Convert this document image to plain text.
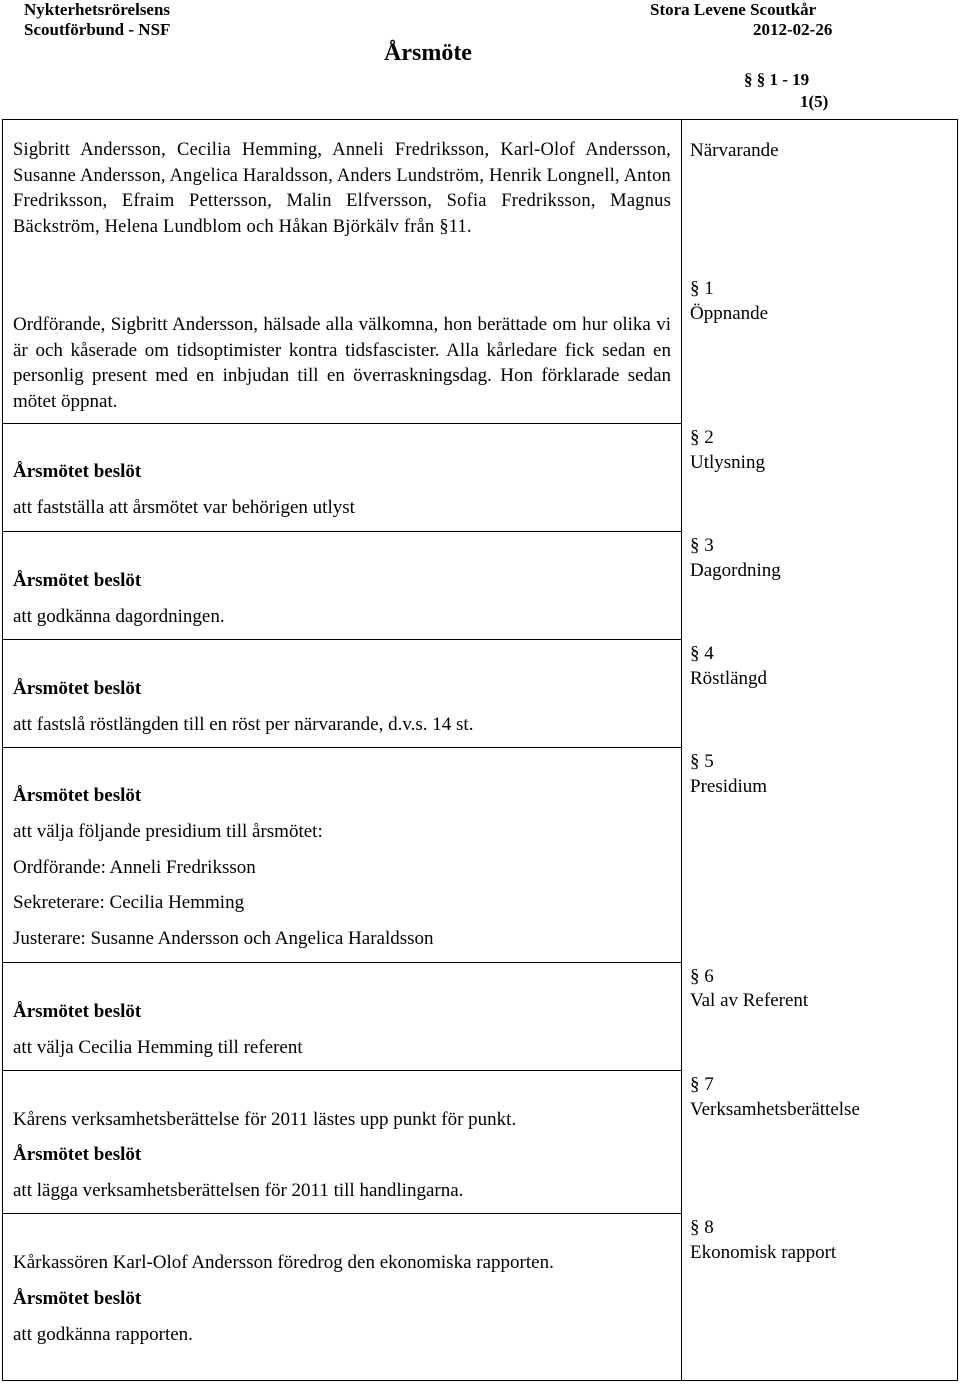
Nykterhetsrörelsens
Scoutförbund - NSF
Stora Levene Scoutkår
2012-02-26
Årsmöte
§ § 1 - 19
1(5)
Sigbritt Andersson, Cecilia Hemming, Anneli Fredriksson, Karl-Olof Andersson, Susanne Andersson, Angelica Haraldsson, Anders Lundström, Henrik Longnell, Anton Fredriksson, Efraim Pettersson, Malin Elfversson, Sofia Fredriksson, Magnus Bäckström, Helena Lundblom och Håkan Björkälv från §11.
Närvarande
§ 1
Öppnande
Ordförande, Sigbritt Andersson, hälsade alla välkomna, hon berättade om hur olika vi är och kåserade om tidsoptimister kontra tidsfascister. Alla kårledare fick sedan en personlig present med en inbjudan till en överraskningsdag. Hon förklarade sedan mötet öppnat.
§ 2
Utlysning
Årsmötet beslöt
att fastställa att årsmötet var behörigen utlyst
§ 3
Dagordning
Årsmötet beslöt
att godkänna dagordningen.
§ 4
Röstlängd
Årsmötet beslöt
att fastslå röstlängden till en röst per närvarande, d.v.s. 14 st.
§ 5
Presidium
Årsmötet beslöt
att välja följande presidium till årsmötet:
Ordförande: Anneli Fredriksson
Sekreterare: Cecilia Hemming
Justerare: Susanne Andersson och Angelica Haraldsson
§ 6
Val av Referent
Årsmötet beslöt
att välja Cecilia Hemming till referent
§ 7
Verksamhetsberättelse
Kårens verksamhetsberättelse för 2011 lästes upp punkt för punkt.
Årsmötet beslöt
att lägga verksamhetsberättelsen för 2011 till handlingarna.
§ 8
Ekonomisk rapport
Kårkassören Karl-Olof Andersson föredrog den ekonomiska rapporten.
Årsmötet beslöt
att godkänna rapporten.
